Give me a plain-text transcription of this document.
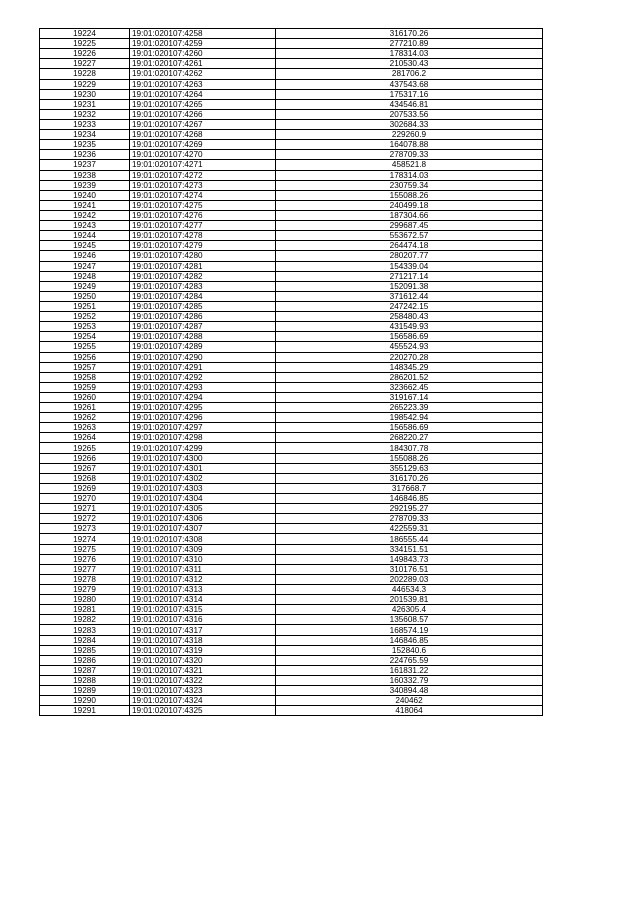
19224	19:01:020107:4258	316170.26
19225	19:01:020107:4259	277210.89
19226	19:01:020107:4260	178314.03
19227	19:01:020107:4261	210530.43
19228	19:01:020107:4262	281706.2
19229	19:01:020107:4263	437543.68
19230	19:01:020107:4264	175317.16
19231	19:01:020107:4265	434546.81
19232	19:01:020107:4266	207533.56
19233	19:01:020107:4267	302684.33
19234	19:01:020107:4268	229260.9
19235	19:01:020107:4269	164078.88
19236	19:01:020107:4270	278709.33
19237	19:01:020107:4271	458521.8
19238	19:01:020107:4272	178314.03
19239	19:01:020107:4273	230759.34
19240	19:01:020107:4274	155088.26
19241	19:01:020107:4275	240499.18
19242	19:01:020107:4276	187304.66
19243	19:01:020107:4277	299687.45
19244	19:01:020107:4278	553672.57
19245	19:01:020107:4279	264474.18
19246	19:01:020107:4280	280207.77
19247	19:01:020107:4281	154339.04
19248	19:01:020107:4282	271217.14
19249	19:01:020107:4283	152091.38
19250	19:01:020107:4284	371612.44
19251	19:01:020107:4285	247242.15
19252	19:01:020107:4286	258480.43
19253	19:01:020107:4287	431549.93
19254	19:01:020107:4288	156586.69
19255	19:01:020107:4289	455524.93
19256	19:01:020107:4290	220270.28
19257	19:01:020107:4291	148345.29
19258	19:01:020107:4292	286201.52
19259	19:01:020107:4293	323662.45
19260	19:01:020107:4294	319167.14
19261	19:01:020107:4295	265223.39
19262	19:01:020107:4296	198542.94
19263	19:01:020107:4297	156586.69
19264	19:01:020107:4298	268220.27
19265	19:01:020107:4299	184307.78
19266	19:01:020107:4300	155088.26
19267	19:01:020107:4301	355129.63
19268	19:01:020107:4302	316170.26
19269	19:01:020107:4303	317668.7
19270	19:01:020107:4304	146846.85
19271	19:01:020107:4305	292195.27
19272	19:01:020107:4306	278709.33
19273	19:01:020107:4307	422559.31
19274	19:01:020107:4308	186555.44
19275	19:01:020107:4309	334151.51
19276	19:01:020107:4310	149843.73
19277	19:01:020107:4311	310176.51
19278	19:01:020107:4312	202289.03
19279	19:01:020107:4313	446534.3
19280	19:01:020107:4314	201539.81
19281	19:01:020107:4315	426305.4
19282	19:01:020107:4316	135608.57
19283	19:01:020107:4317	168574.19
19284	19:01:020107:4318	146846.85
19285	19:01:020107:4319	152840.6
19286	19:01:020107:4320	224765.59
19287	19:01:020107:4321	161831.22
19288	19:01:020107:4322	160332.79
19289	19:01:020107:4323	340894.48
19290	19:01:020107:4324	240462
19291	19:01:020107:4325	418064
